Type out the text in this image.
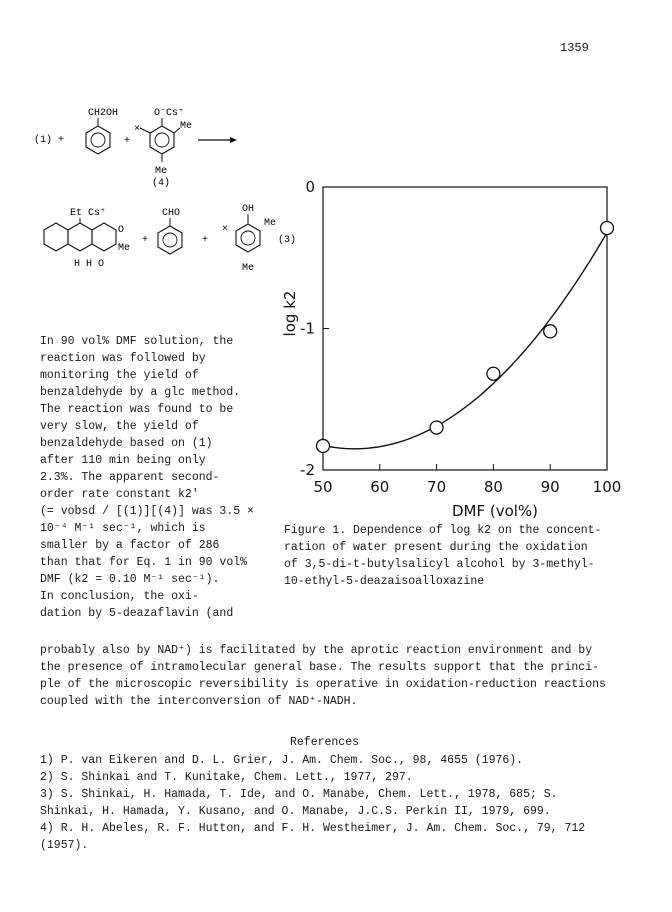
1359
(1) +
CH2OH
+
O⁻Cs⁺
×	Me
Me
(4)
Et Cs⁺
O
Me
H H O
+
CHO
+
OH
×
Me
Me
(3)
50	60	70	80	90 100
0
-1
-2
DMF (vol%)
log k2
In 90 vol% DMF solution, the
reaction was followed by
monitoring the yield of
benzaldehyde by a glc method.
The reaction was found to be
very slow, the yield of
benzaldehyde based on (1)
after 110 min being only
2.3%. The apparent second-
order rate constant k2'
(= vobsd / [(1)][(4)] was 3.5 ×
10⁻⁴ M⁻¹ sec⁻¹, which is
smaller by a factor of 286
than that for Eq. 1 in 90 vol%
DMF (k2 = 0.10 M⁻¹ sec⁻¹).
In conclusion, the oxi-
dation by 5-deazaflavin (and
Figure 1. Dependence of log k2 on the concent-
ration of water present during the oxidation
of 3,5-di-t-butylsalicyl alcohol by 3-methyl-
10-ethyl-5-deazaisoalloxazine
probably also by NAD⁺) is facilitated by the aprotic reaction environment and by
the presence of intramolecular general base. The results support that the princi-
ple of the microscopic reversibility is operative in oxidation-reduction reactions
coupled with the interconversion of NAD⁺-NADH.
References
1) P. van Eikeren and D. L. Grier, J. Am. Chem. Soc., 98, 4655 (1976).
2) S. Shinkai and T. Kunitake, Chem. Lett., 1977, 297.
3) S. Shinkai, H. Hamada, T. Ide, and O. Manabe, Chem. Lett., 1978, 685; S.
Shinkai, H. Hamada, Y. Kusano, and O. Manabe, J.C.S. Perkin II, 1979, 699.
4) R. H. Abeles, R. F. Hutton, and F. H. Westheimer, J. Am. Chem. Soc., 79, 712
(1957).
